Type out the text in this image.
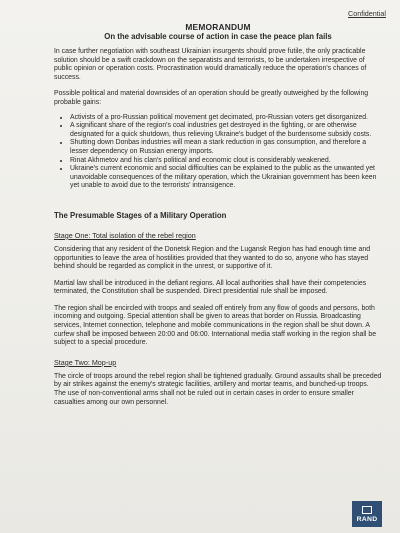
Confidential
MEMORANDUM
On the advisable course of action in case the peace plan fails

In case further negotiation with southeast Ukrainian insurgents should prove futile, the only practicable solution should be a swift crackdown on the separatists and terrorists, to be undertaken irrespective of public opinion or operation costs. Procrastination would dramatically reduce the operation's chances of success.

Possible political and material downsides of an operation should be greatly outweighed by the following probable gains:

• Activists of a pro-Russian political movement get decimated, pro-Russian voters get disorganized.
• A significant share of the region's coal industries get destroyed in the fighting, or are otherwise designated for a quick shutdown, thus relieving Ukraine's budget of the burdensome subsidy costs.
• Shutting down Donbas industries will mean a stark reduction in gas consumption, and therefore a lesser dependency on Russian energy imports.
• Rinat Akhmetov and his clan's political and economic clout is considerably weakened.
• Ukraine's current economic and social difficulties can be explained to the public as the unwanted yet unavoidable consequences of the military operation, which the Ukrainian government has been keen yet unable to avoid due to the terrorists' intransigence.
The Presumable Stages of a Military Operation
Stage One: Total isolation of the rebel region

Considering that any resident of the Donetsk Region and the Lugansk Region has had enough time and opportunities to leave the area of hostilities provided that they wanted to do so, anyone who has stayed behind should be regarded as complicit in the unrest, or supportive of it.

Martial law shall be introduced in the defiant regions. All local authorities shall have their competencies terminated, the Constitution shall be suspended. Direct presidential rule shall be imposed.

The region shall be encircled with troops and sealed off entirely from any flow of goods and persons, both incoming and outgoing. Special attention shall be given to areas that border on Russia. Broadcasting services, Internet connection, telephone and mobile communications in the region shall be shut down. A curfew shall be imposed between 20:00 and 06:00. International media staff working in the region shall be subject to a special procedure.

Stage Two: Mop-up

The circle of troops around the rebel region shall be tightened gradually. Ground assaults shall be preceded by air strikes against the enemy's strategic facilities, artillery and mortar teams, and bunched-up troops. The use of non-conventional arms shall not be ruled out in certain cases in order to ensure smaller casualties among our own personnel.

RAND
